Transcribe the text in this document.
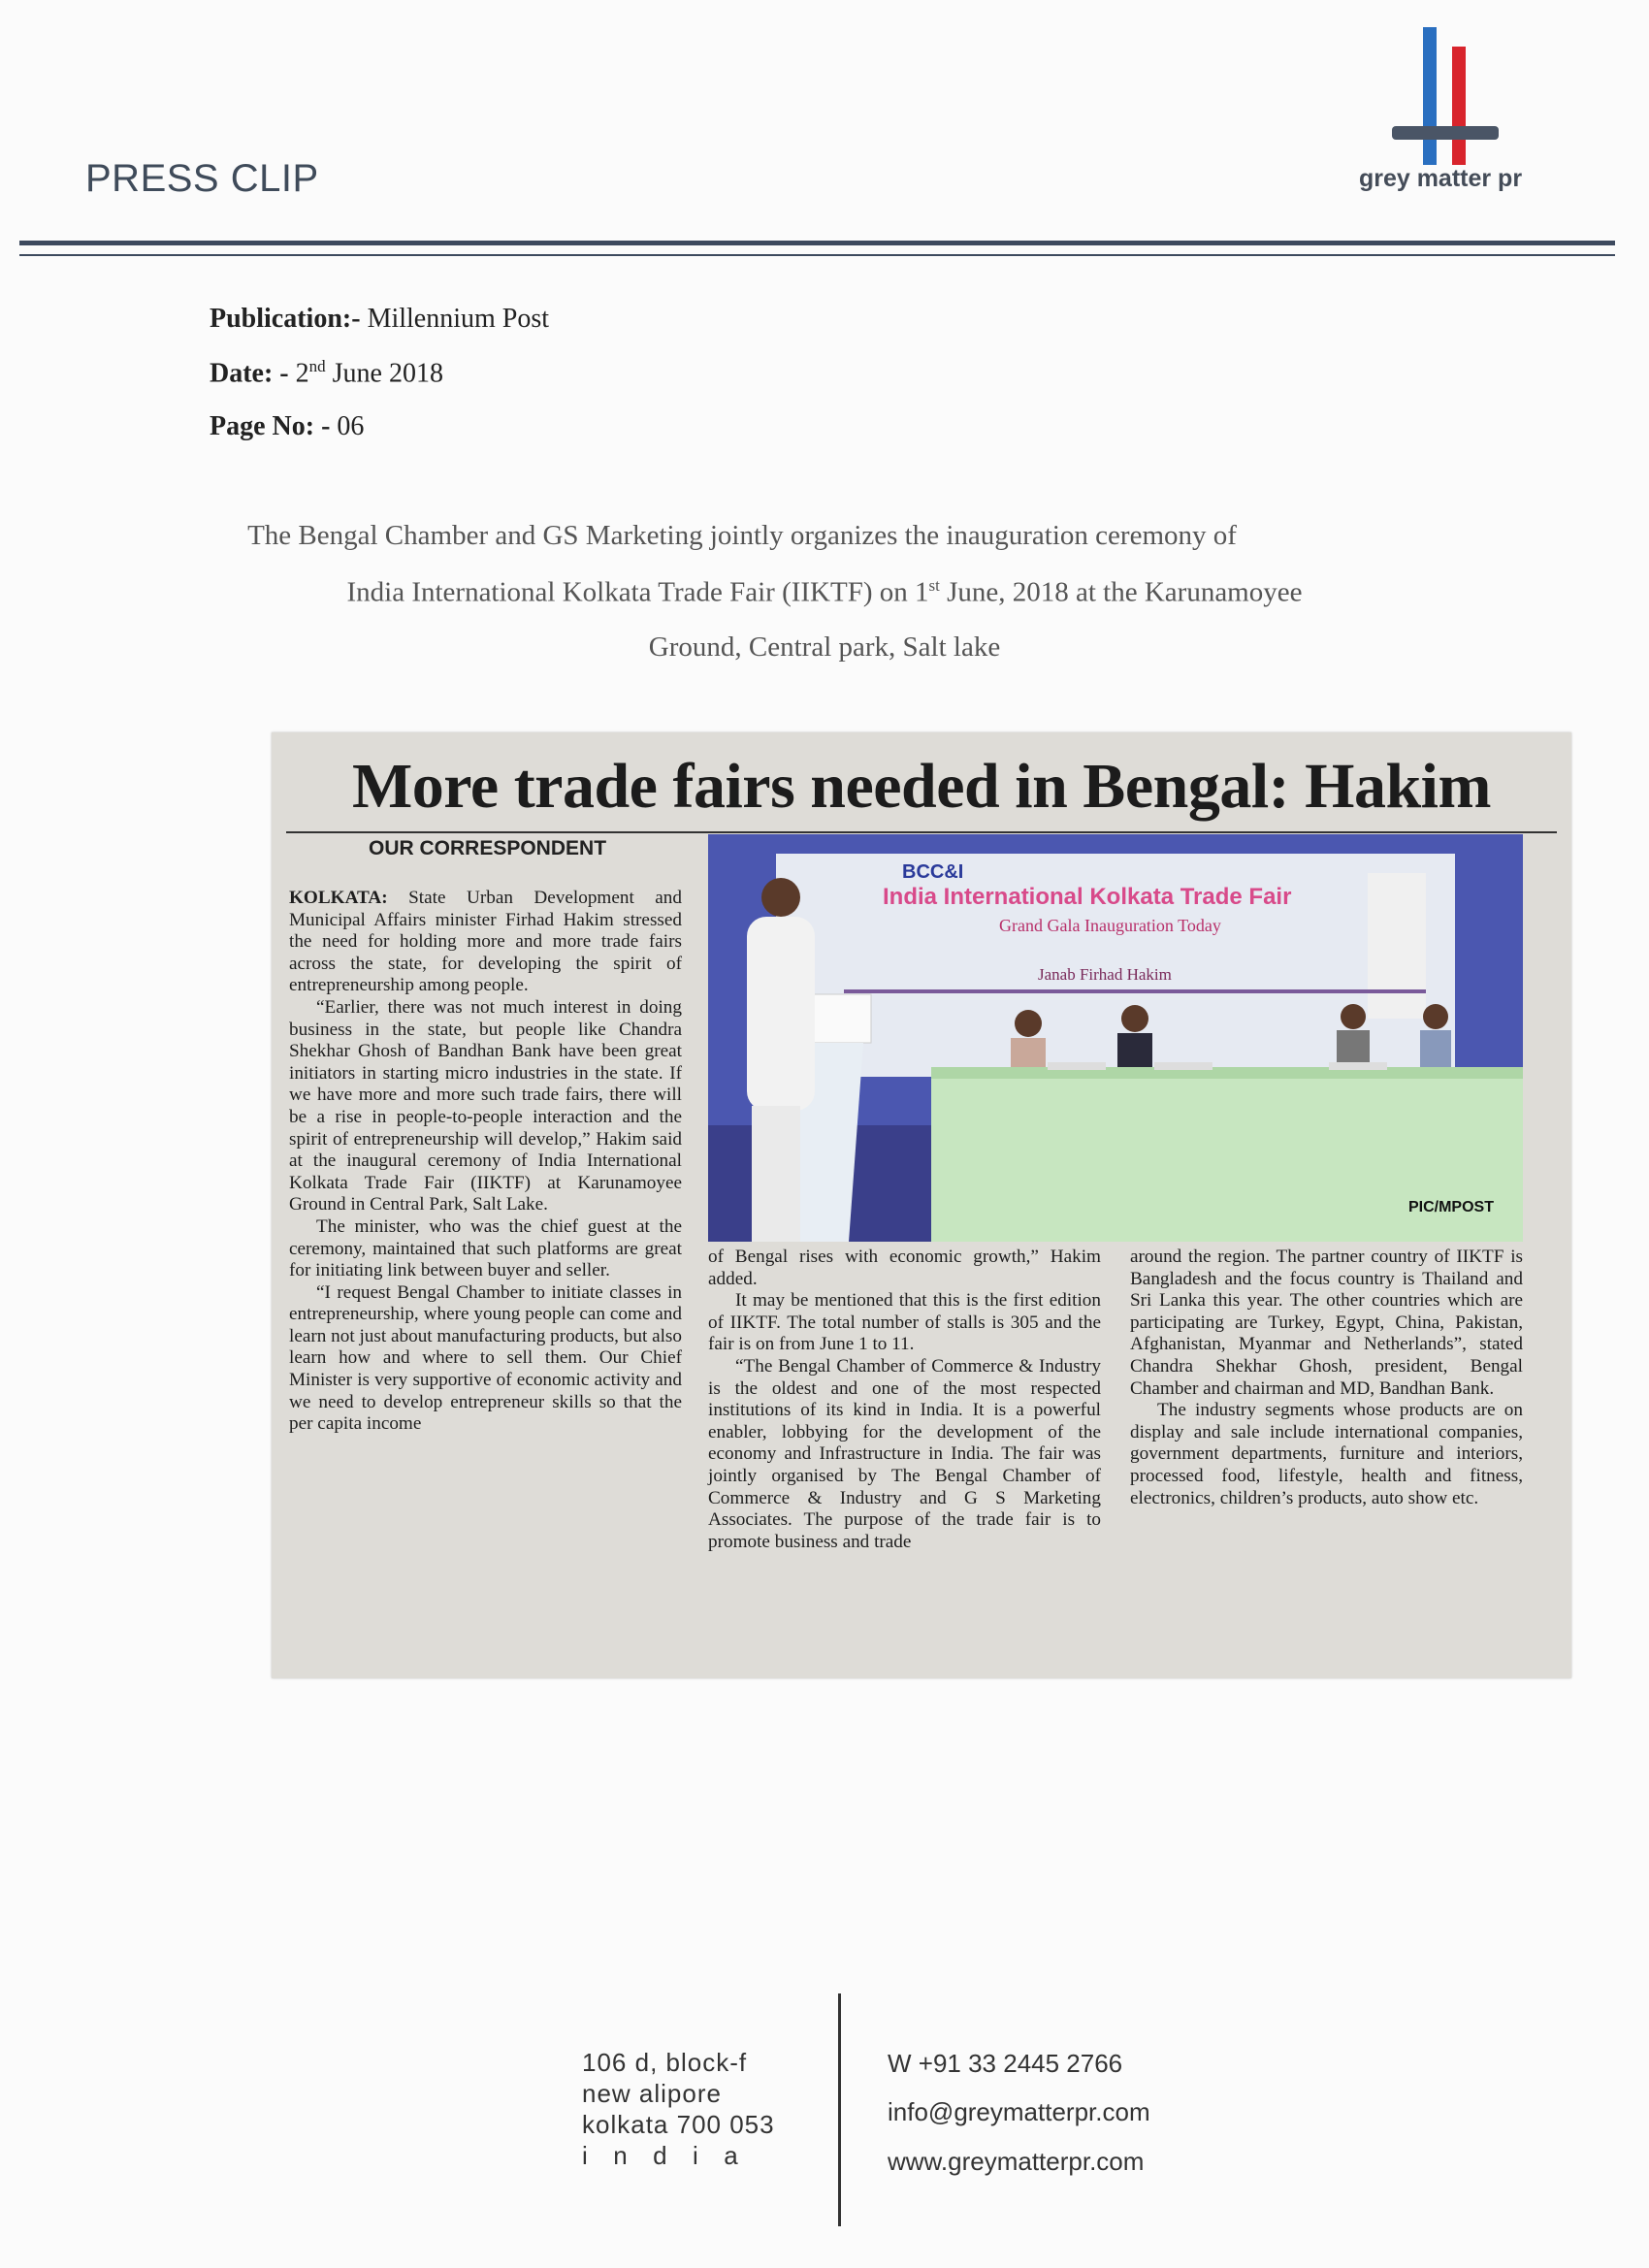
PRESS CLIP	grey matter pr
Publication:- Millennium Post
Date: - 2nd June 2018
Page No: - 06
The Bengal Chamber and GS Marketing jointly organizes the inauguration ceremony of
India International Kolkata Trade Fair (IIKTF) on 1st June, 2018 at the Karunamoyee
Ground, Central park, Salt lake
More trade fairs needed in Bengal: Hakim
OUR CORRESPONDENT

KOLKATA: State Urban Development and Municipal Affairs minister Firhad Hakim stressed the need for holding more and more trade fairs across the state, for developing the spirit of entrepreneurship among people.

“Earlier, there was not much interest in doing business in the state, but people like Chandra Shekhar Ghosh of Bandhan Bank have been great initiators in starting micro industries in the state. If we have more and more such trade fairs, there will be a rise in people-to-people interaction and the spirit of entrepreneurship will develop,” Hakim said at the inaugural ceremony of India International Kolkata Trade Fair (IIKTF) at Karunamoyee Ground in Central Park, Salt Lake.

The minister, who was the chief guest at the ceremony, maintained that such platforms are great for initiating link between buyer and seller.

“I request Bengal Chamber to initiate classes in entrepreneurship, where young people can come and learn not just about manufacturing products, but also learn how and where to sell them. Our Chief Minister is very supportive of economic activity and we need to develop entrepreneur skills so that the per capita income

BCC&I
India International Kolkata Trade Fair
Grand Gala Inauguration Today
Janab Firhad Hakim
PIC/MPOST

of Bengal rises with economic growth,” Hakim added.

It may be mentioned that this is the first edition of IIKTF. The total number of stalls is 305 and the fair is on from June 1 to 11.

“The Bengal Chamber of Commerce & Industry is the oldest and one of the most respected institutions of its kind in India. It is a powerful enabler, lobbying for the development of the economy and Infrastructure in India. The fair was jointly organised by The Bengal Chamber of Commerce & Industry and G S Marketing Associates. The purpose of the trade fair is to promote business and trade

around the region. The partner country of IIKTF is Bangladesh and the focus country is Thailand and Sri Lanka this year. The other countries which are participating are Turkey, Egypt, China, Pakistan, Afghanistan, Myanmar and Netherlands”, stated Chandra Shekhar Ghosh, president, Bengal Chamber and chairman and MD, Bandhan Bank.

The industry segments whose products are on display and sale include international companies, government departments, furniture and interiors, processed food, lifestyle, health and fitness, electronics, children’s products, auto show etc.

106 d, block-f
new alipore
kolkata 700 053
i  n  d  i  a
W +91 33 2445 2766
info@greymatterpr.com
www.greymatterpr.com
